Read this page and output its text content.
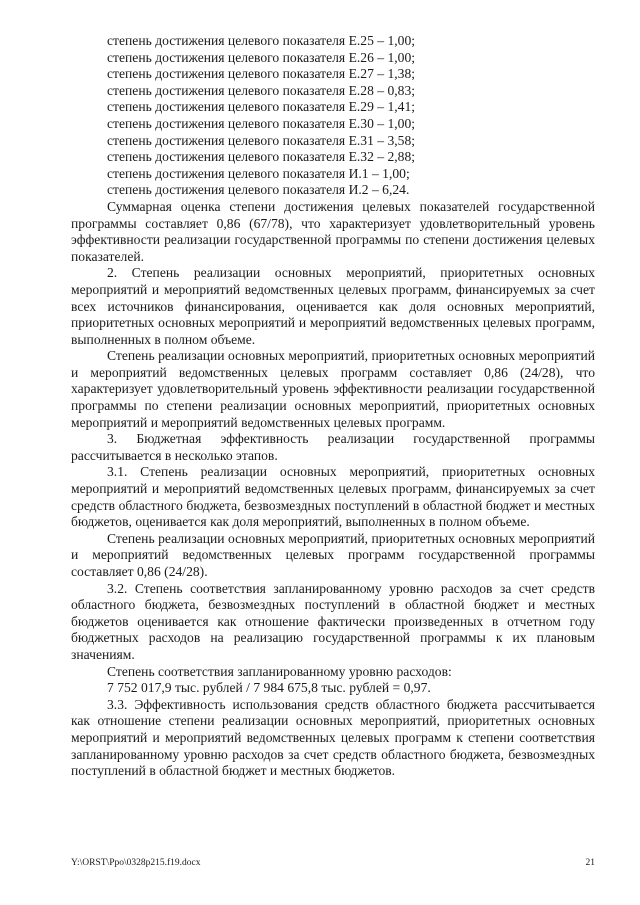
степень достижения целевого показателя Е.25 – 1,00;
степень достижения целевого показателя Е.26 – 1,00;
степень достижения целевого показателя Е.27 – 1,38;
степень достижения целевого показателя Е.28 – 0,83;
степень достижения целевого показателя Е.29 – 1,41;
степень достижения целевого показателя Е.30 – 1,00;
степень достижения целевого показателя Е.31 – 3,58;
степень достижения целевого показателя Е.32 – 2,88;
степень достижения целевого показателя И.1 – 1,00;
степень достижения целевого показателя И.2 – 6,24.
Суммарная оценка степени достижения целевых показателей государственной программы составляет 0,86 (67/78), что характеризует удовлетворительный уровень эффективности реализации государственной программы по степени достижения целевых показателей.
2. Степень реализации основных мероприятий, приоритетных основных мероприятий и мероприятий ведомственных целевых программ, финансируемых за счет всех источников финансирования, оценивается как доля основных мероприятий, приоритетных основных мероприятий и мероприятий ведомственных целевых программ, выполненных в полном объеме.
Степень реализации основных мероприятий, приоритетных основных мероприятий и мероприятий ведомственных целевых программ составляет 0,86 (24/28), что характеризует удовлетворительный уровень эффективности реализации государственной программы по степени реализации основных мероприятий, приоритетных основных мероприятий и мероприятий ведомственных целевых программ.
3. Бюджетная эффективность реализации государственной программы рассчитывается в несколько этапов.
3.1. Степень реализации основных мероприятий, приоритетных основных мероприятий и мероприятий ведомственных целевых программ, финансируемых за счет средств областного бюджета, безвозмездных поступлений в областной бюджет и местных бюджетов, оценивается как доля мероприятий, выполненных в полном объеме.
Степень реализации основных мероприятий, приоритетных основных мероприятий и мероприятий ведомственных целевых программ государственной программы составляет 0,86 (24/28).
3.2. Степень соответствия запланированному уровню расходов за счет средств областного бюджета, безвозмездных поступлений в областной бюджет и местных бюджетов оценивается как отношение фактически произведенных в отчетном году бюджетных расходов на реализацию государственной программы к их плановым значениям.
Степень соответствия запланированному уровню расходов:
7 752 017,9 тыс. рублей / 7 984 675,8 тыс. рублей = 0,97.
3.3. Эффективность использования средств областного бюджета рассчитывается как отношение степени реализации основных мероприятий, приоритетных основных мероприятий и мероприятий ведомственных целевых программ к степени соответствия запланированному уровню расходов за счет средств областного бюджета, безвозмездных поступлений в областной бюджет и местных бюджетов.
Y:\ORST\Ppo\0328p215.f19.docx	21
